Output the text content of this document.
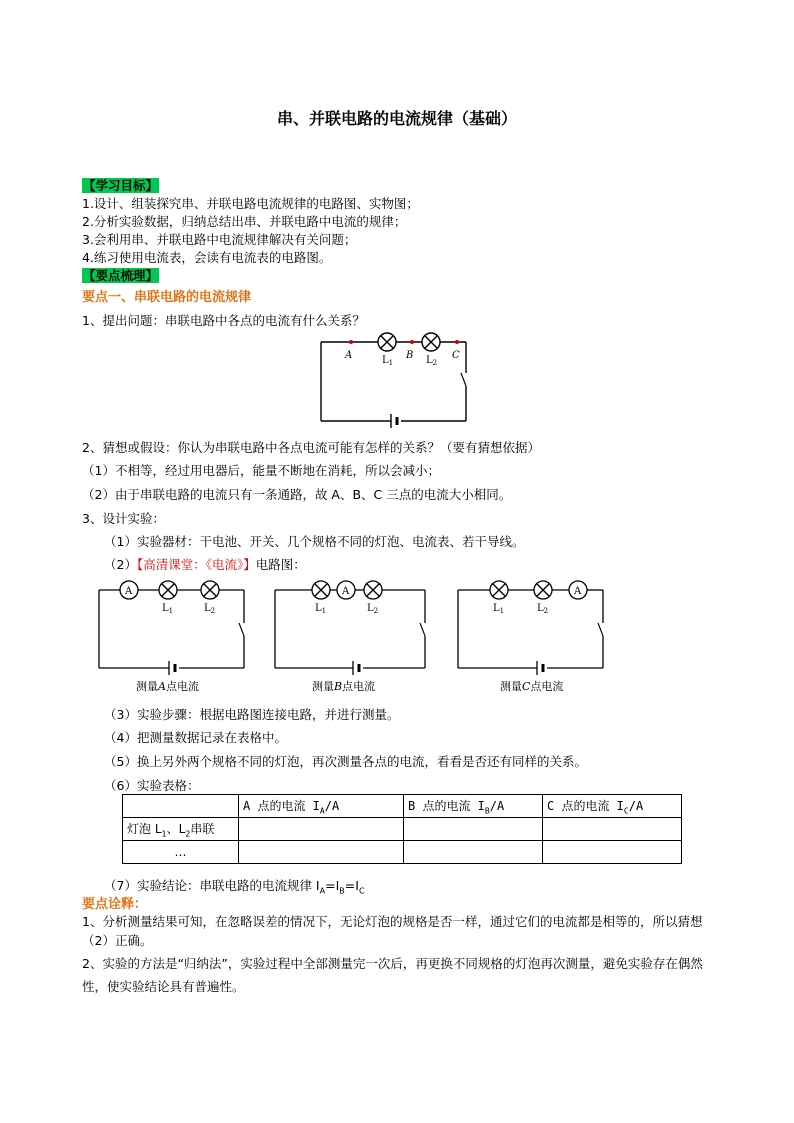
串、并联电路的电流规律（基础）
【学习目标】
1.设计、组装探究串、并联电路电流规律的电路图、实物图；
2.分析实验数据，归纳总结出串、并联电路中电流的规律；
3.会利用串、并联电路中电流规律解决有关问题；
4.练习使用电流表，会读有电流表的电路图。
【要点梳理】
要点一、串联电路的电流规律
1、提出问题：串联电路中各点的电流有什么关系？
A	B	C
$L_1$	$L_2$
2、猜想或假设：你认为串联电路中各点电流可能有怎样的关系？（要有猜想依据）
（1）不相等，经过用电器后，能量不断地在消耗，所以会减小；
（2）由于串联电路的电流只有一条通路，故 A、B、C 三点的电流大小相同。
3、设计实验：
（1）实验器材：干电池、开关、几个规格不同的灯泡、电流表、若干导线。
（2）【高清课堂：《电流》】电路图：
A
$L_1$	$L_2$
测量A点电流
A
$L_1$	$L_2$
测量B点电流
A
$L_1$	$L_2$
测量C点电流
（3）实验步骤：根据电路图连接电路，并进行测量。
（4）把测量数据记录在表格中。
（5）换上另外两个规格不同的灯泡，再次测量各点的电流，看看是否还有同样的关系。
（6）实验表格：
	A 点的电流 $I_A/A$	B 点的电流 $I_B/A$	C 点的电流 $I_C/A$
灯泡 $L_1$、$L_2$串联			
…			
（7）实验结论：串联电路的电流规律 $I_A=I_B=I_C$
要点诠释：
1、分析测量结果可知，在忽略误差的情况下，无论灯泡的规格是否一样，通过它们的电流都是相等的，所以猜想（2）正确。
2、实验的方法是“归纳法”，实验过程中全部测量完一次后，再更换不同规格的灯泡再次测量，避免实验存在偶然性，使实验结论具有普遍性。
